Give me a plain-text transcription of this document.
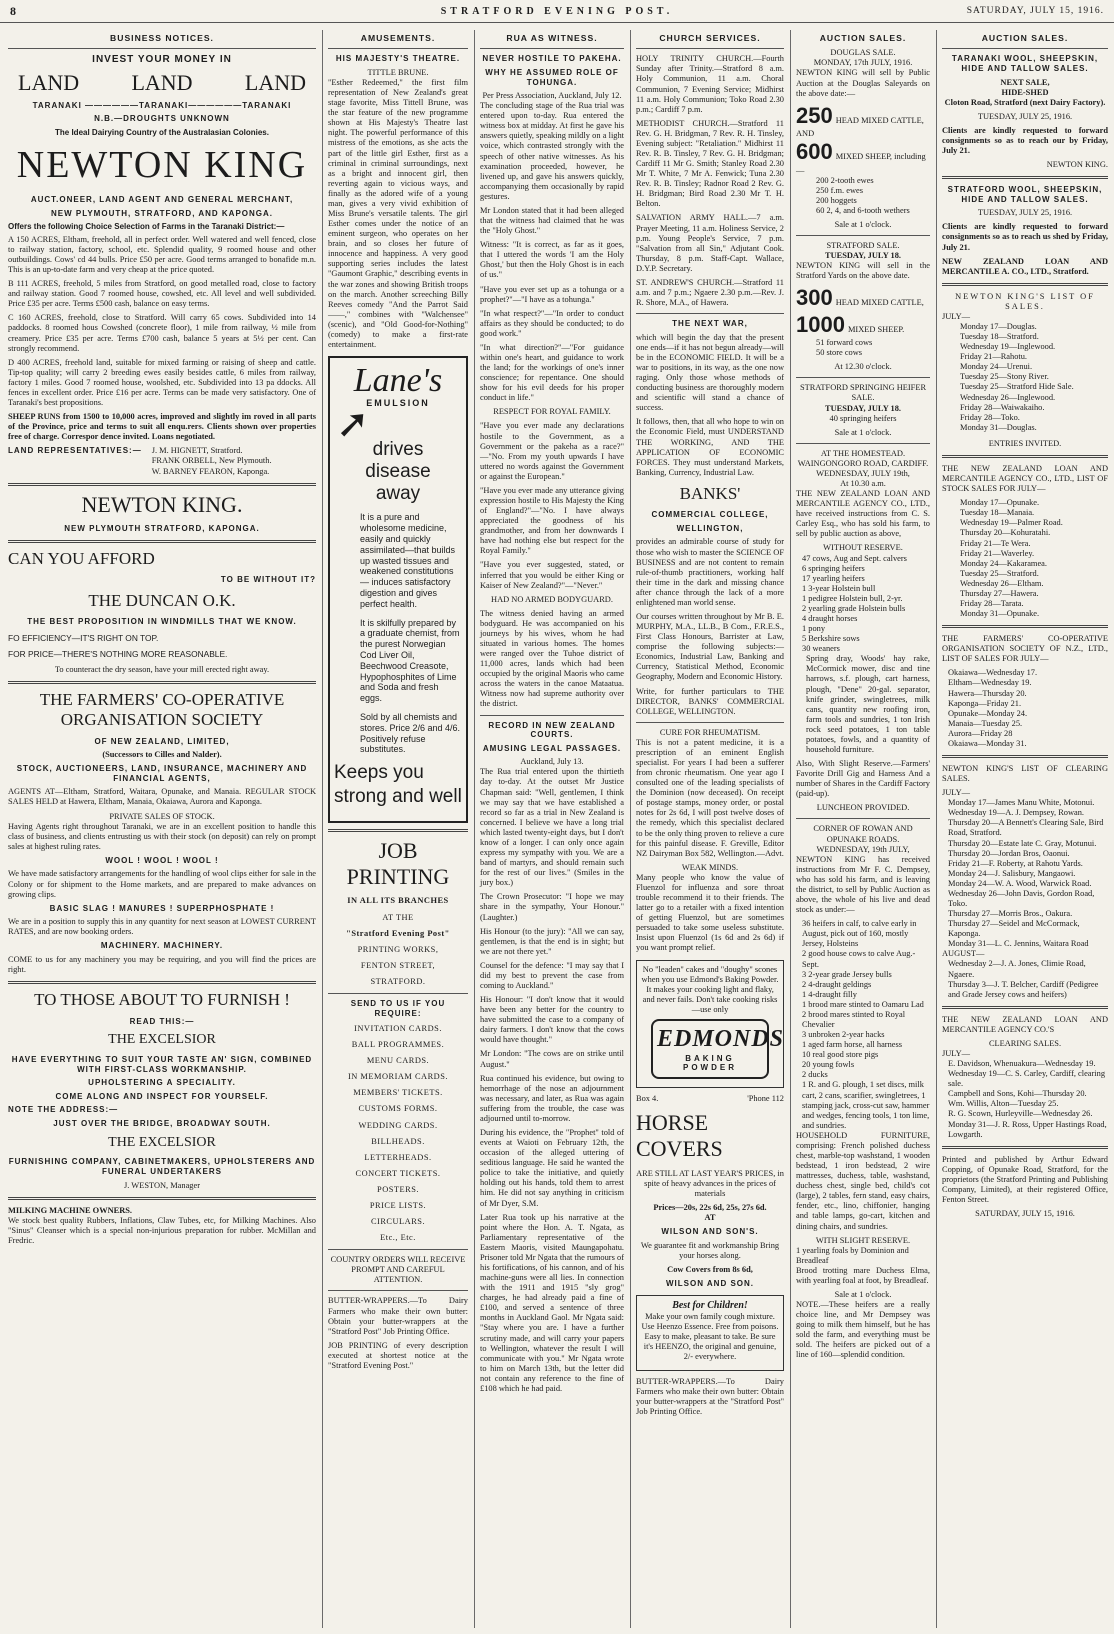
8	STRATFORD EVENING POST.	SATURDAY, JULY 15, 1916.
BUSINESS NOTICES.
INVEST YOUR MONEY IN
LAND LAND LAND
TARANAKI ——————TARANAKI——————TARANAKI
N.B.—DROUGHTS UNKNOWN
The Ideal Dairying Country of the Australasian Colonies.
NEWTON KING
AUCT.ONEER, LAND AGENT AND GENERAL MERCHANT,
NEW PLYMOUTH, STRATFORD, AND KAPONGA.
Offers the following Choice Selection of Farms in the Taranaki District:—

A 150 ACRES, Eltham, freehold, all in perfect order. Well watered and well fenced, close to railway station, factory, school, etc. Splendid quality, 9 roomed house and other outbuildings. Cows' cd 44 bulls. Price £50 per acre. Good terms arranged to bonafide m.n. This is an up-to-date farm and very cheap at the price quoted.

B 111 ACRES, freehold, 5 miles from Stratford, on good metalled road, close to factory and railway station. Good 7 roomed house, cowshed, etc. All level and well subdivided. Price £35 per acre. Terms £500 cash, balance on easy terms.

C 160 ACRES, freehold, close to Stratford. Will carry 65 cows. Subdivided into 14 paddocks. 8 roomed hous Cowshed (concrete floor), 1 mile from railway, ½ mile from creamery. Price £35 per acre. Terms £700 cash, balance 5 years at 5½ per cent. Can strongly recommend.

D 400 ACRES, freehold land, suitable for mixed farming or raising of sheep and cattle. Tip-top quality; will carry 2 breeding ewes easily besides cattle, 6 miles from railway, factory 1 miles. Good 7 roomed house, woolshed, etc. Subdivided into 13 pa ddocks. All fences in excellent order. Price £16 per acre. Terms can be made very satisfactory. One of Taranaki's best propositions.

SHEEP RUNS from 1500 to 10,000 acres, improved and slightly im roved in all parts of the Province, price and terms to suit all enqu.rers. Clients shown over properties free of charge. Correspor dence invited. Loans negotiated.

LAND REPRESENTATIVES:— J. M. HIGNETT, Stratford.
FRANK ORBELL, New Plymouth.
W. BARNEY FEARON, Kaponga.
NEWTON KING.
NEW PLYMOUTH STRATFORD, KAPONGA.
CAN YOU AFFORD
TO BE WITHOUT IT?
THE DUNCAN O.K.
THE BEST PROPOSITION IN WINDMILLS THAT WE KNOW.
FO EFFICIENCY—IT'S RIGHT ON TOP.
FOR PRICE—THERE'S NOTHING MORE REASONABLE.

To counteract the dry season, have your mill erected right away.

THE FARMERS' CO-OPERATIVE ORGANISATION SOCIETY
OF NEW ZEALAND, LIMITED,
(Successors to Cilles and Nalder).
STOCK, AUCTIONEERS, LAND, INSURANCE, MACHINERY AND FINANCIAL AGENTS,

AGENTS AT—Eltham, Stratford, Waitara, Opunake, and Manaia. REGULAR STOCK SALES HELD at Hawera, Eltham, Manaia, Okaiawa, Aurora and Kaponga.

PRIVATE SALES OF STOCK.

Having Agents right throughout Taranaki, we are in an excellent position to handle this class of business, and clients entrusting us with their stock (on deposit) can rely on prompt sales at highest ruling rates.

WOOL ! WOOL ! WOOL !

We have made satisfactory arrangements for the handling of wool clips either for sale in the Colony or for shipment to the Home markets, and are prepared to make advances on growing clips.

BASIC SLAG ! MANURES ! SUPERPHOSPHATE !

We are in a position to supply this in any quantity for next season at LOWEST CURRENT RATES, and are now booking orders.

MACHINERY. MACHINERY.

COME to us for any machinery you may be requiring, and you will find the prices are right.

TO THOSE ABOUT TO FURNISH !
READ THIS:—
THE EXCELSIOR
HAVE EVERYTHING TO SUIT YOUR TASTE AN' SIGN, COMBINED WITH FIRST-CLASS WORKMANSHIP.
UPHOLSTERING A SPECIALITY.
COME ALONG AND INSPECT FOR YOURSELF.
NOTE THE ADDRESS:—
JUST OVER THE BRIDGE, BROADWAY SOUTH.
THE EXCELSIOR
FURNISHING COMPANY, CABINETMAKERS, UPHOLSTERERS AND FUNERAL UNDERTAKERS
J. WESTON, Manager
MILKING MACHINE OWNERS.

We stock best quality Rubbers, Inflations, Claw Tubes, etc, for Milking Machines. Also "Sinus" Cleanser which is a special non-injurious preparation for rubber. McMillan and Fredric.

AMUSEMENTS.
HIS MAJESTY'S THEATRE.
TITTLE BRUNE.

"Esther Redeemed," the first film representation of New Zealand's great stage favorite, Miss Tittell Brune, was the star feature of the new programme shown at His Majesty's Theatre last night. The powerful performance of this mistress of the emotions, as she acts the part of the little girl Esther, first as a criminal in criminal surroundings, next as a bright and innocent girl, then reverting again to vicious ways, and finally as the adored wife of a young man, gives a very vivid exhibition of Miss Brune's versatile talents. The girl Esther comes under the notice of an eminent surgeon, who operates on her brain, and so closes her future of innocence and happiness. A very good supporting series includes the latest "Gaumont Graphic," describing events in the war zones and showing British troops on the march. Another screeching Billy Reeves comedy "And the Parrot Said——," combines with "Walchensee" (scenic), and "Old Good-for-Nothing" (comedy) to make a first-rate entertainment.

Lane's
EMULSION
➚
drives
disease
away
It is a pure and wholesome medicine, easily and quickly assimilated—that builds up wasted tissues and weakened constitutions — induces satisfactory digestion and gives perfect health.
It is skilfully prepared by a graduate chemist, from the purest Norwegian Cod Liver Oil, Beechwood Creasote, Hypophosphites of Lime and Soda and fresh eggs.
Sold by all chemists and stores. Price 2/6 and 4/6. Positively refuse substitutes.
Keeps you strong and well
JOB PRINTING
IN ALL ITS BRANCHES
AT THE
"Stratford Evening Post"
PRINTING WORKS,
FENTON STREET,
STRATFORD.
SEND TO US IF YOU REQUIRE:
INVITATION CARDS.
BALL PROGRAMMES.
MENU CARDS.
IN MEMORIAM CARDS.
MEMBERS' TICKETS.
CUSTOMS FORMS.
WEDDING CARDS.
BILLHEADS.
LETTERHEADS.
CONCERT TICKETS.
POSTERS.
PRICE LISTS.
CIRCULARS.
Etc., Etc.

COUNTRY ORDERS WILL RECEIVE PROMPT AND CAREFUL ATTENTION.

BUTTER-WRAPPERS.—To Dairy Farmers who make their own butter: Obtain your butter-wrappers at the "Stratford Post" Job Printing Office.

JOB PRINTING of every description executed at shortest notice at the "Stratford Evening Post."

RUA AS WITNESS.
NEVER HOSTILE TO PAKEHA.
WHY HE ASSUMED ROLE OF TOHUNGA.
Per Press Association, Auckland, July 12.

The concluding stage of the Rua trial was entered upon to-day. Rua entered the witness box at midday. At first he gave his answers quietly, speaking mildly on a light voice, which contrasted strongly with the speech of other native witnesses. As his examination proceeded, however, he livened up, and gave his answers quickly, accompanying them occasionally by rapid gestures.

Mr London stated that it had been alleged that the witness had claimed that he was the "Holy Ghost."

Witness: "It is correct, as far as it goes, that I uttered the words 'I am the Holy Ghost,' but then the Holy Ghost is in each of us."

"Have you ever set up as a tohunga or a prophet?"—"I have as a tohunga."

"In what respect?"—"In order to conduct affairs as they should be conducted; to do good work."

"In what direction?"—"For guidance within one's heart, and guidance to work the land; for the workings of one's inner conscience; for repentance. One should show for his evil deeds for his proper conduct in life."

RESPECT FOR ROYAL FAMILY.

"Have you ever made any declarations hostile to the Government, as a Government or the pakeha as a race?" —"No. From my youth upwards I have uttered no words against the Government or against the European."

"Have you ever made any utterance giving expression hostile to His Majesty the King of England?"—"No. I have always appreciated the goodness of his grandmother, and from her downwards I have had nothing else but respect for the Royal Family."

"Have you ever suggested, stated, or inferred that you would be either King or Kaiser of New Zealand?"—"Never."

HAD NO ARMED BODYGUARD.

The witness denied having an armed bodyguard. He was accompanied on his journeys by his wives, whom he had situated in various homes. The homes were ranged over the Tuhoe district of 11,000 acres, lands which had been occupied by the original Maoris who came across the waters in the canoe Mataatua. Witness now had supreme authority over the district.

RECORD IN NEW ZEALAND COURTS.
AMUSING LEGAL PASSAGES.
Auckland, July 13.

The Rua trial entered upon the thirtieth day to-day. At the outset Mr Justice Chapman said: "Well, gentlemen, I think we may say that we have established a record so far as a trial in New Zealand is concerned. I believe we have a long trial which lasted twenty-eight days, but I don't know of a longer. I can only once again express my sympathy with you. We are a band of martyrs, and should remain such for the rest of our lives." (Smiles in the jury box.)

The Crown Prosecutor: "I hope we may share in the sympathy, Your Honour." (Laughter.)

His Honour (to the jury): "All we can say, gentlemen, is that the end is in sight; but we are not there yet."

Counsel for the defence: "I may say that I did my best to prevent the case from coming to Auckland."

His Honour: "I don't know that it would have been any better for the country to have submitted the case to a company of dairy farmers. I don't know that the cows would have thought."

Mr London: "The cows are on strike until August."

Rua continued his evidence, but owing to hemorrhage of the nose an adjournment was necessary, and later, as Rua was again suffering from the trouble, the case was adjourned until to-morrow.

During his evidence, the "Prophet" told of events at Waioti on February 12th, the occasion of the alleged uttering of seditious language. He said he wanted the police to take the initiative, and quietly holding out his hands, told them to arrest him. He did not say anything in criticism of Mr Dyer, S.M.

Later Rua took up his narrative at the point where the Hon. A. T. Ngata, as Parliamentary representative of the Eastern Maoris, visited Maungapohatu. Prisoner told Mr Ngata that the rumours of his fortifications, of his cannon, and of his machine-guns were all lies. In connection with the 1911 and 1915 "sly grog" charges, he had already paid a fine of £100, and served a sentence of three months in Auckland Gaol. Mr Ngata said: "Stay where you are. I have a further scrutiny made, and will carry your papers to Wellington, whatever the result I will communicate with you." Mr Ngata wrote to him on March 13th, but the letter did not contain any reference to the fine of £108 which he had paid.

CHURCH SERVICES.

HOLY TRINITY CHURCH.—Fourth Sunday after Trinity.—Stratford 8 a.m. Holy Communion, 11 a.m. Choral Communion, 7 Evening Service; Midhirst 11 a.m. Holy Communion; Toko Road 2.30 p.m.; Cardiff 7 p.m.

METHODIST CHURCH.—Stratford 11 Rev. G. H. Bridgman, 7 Rev. R. H. Tinsley, Evening subject: "Retaliation." Midhirst 11 Rev. R. B. Tinsley, 7 Rev. G. H. Bridgman; Cardiff 11 Mr G. Smith; Stanley Road 2.30 Mr T. White, 7 Mr A. Fenwick; Tuna 2.30 Rev. R. B. Tinsley; Radnor Road 2 Rev. G. H. Bridgman; Bird Road 2.30 Mr T. H. Belton.

SALVATION ARMY HALL.—7 a.m. Prayer Meeting, 11 a.m. Holiness Service, 2 p.m. Young People's Service, 7 p.m. "Salvation from all Sin," Adjutant Cook. Thursday, 8 p.m. Staff-Capt. Wallace, D.Y.P. Secretary.

ST. ANDREW'S CHURCH.—Stratford 11 a.m. and 7 p.m.; Ngaere 2.30 p.m.—Rev. J. R. Shore, M.A., of Hawera.

THE NEXT WAR,

which will begin the day that the present one ends—if it has not begun already—will be in the ECONOMIC FIELD. It will be a war to positions, in its way, as the one now raging. Only those whose methods of conducting business are thoroughly modern and scientific will stand a chance of success.

It follows, then, that all who hope to win on the Economic Field, must UNDERSTAND THE WORKING, AND THE APPLICATION OF ECONOMIC FORCES. They must understand Markets, Banking, Currency, Industrial Law.

BANKS'
COMMERCIAL COLLEGE,
WELLINGTON,

provides an admirable course of study for those who wish to master the SCIENCE OF BUSINESS and are not content to remain rule-of-thumb practitioners, working half their time in the dark and missing chance after chance through the lack of a more enlightened man world sense.

Our courses written throughout by Mr B. E. MURPHY, M.A., LL.B., B Com., F.R.E.S., First Class Honours, Barrister at Law, comprise the following subjects:—Economics, Industrial Law, Banking and Currency, Statistical Method, Economic Geography, Modern and Economic History.

Write, for further particulars to THE DIRECTOR, BANKS' COMMERCIAL COLLEGE, WELLINGTON.

CURE FOR RHEUMATISM.

This is not a patent medicine, it is a prescription of an eminent English specialist. For years I had been a sufferer from chronic rheumatism. One year ago I consulted one of the leading specialists of the Dominion (now deceased). On receipt of postage stamps, money order, or postal notes for 2s 6d, I will post twelve doses of the remedy, which this specialist declared to be the only thing proven to relieve a cure for this painful disease. F. Greville, Editor NZ Dairyman Box 582, Wellington.—Advt.

WEAK MINDS.

Many people who know the value of Fluenzol for influenza and sore throat trouble recommend it to their friends. The latter go to a retailer with a fixed intention of getting Fluenzol, but are sometimes persuaded to take some useless substitute. Insist upon Fluenzol (1s 6d and 2s 6d) if you want prompt relief.

No "leaden" cakes and "doughy" scones when you use Edmond's Baking Powder. It makes your cooking light and flaky, and never fails. Don't take cooking risks—use only

EDMONDS
BAKING POWDER
Box 4.	'Phone 112
HORSE COVERS

ARE STILL AT LAST YEAR'S PRICES, in spite of heavy advances in the prices of materials

Prices—20s, 22s 6d, 25s, 27s 6d.
AT
WILSON AND SON'S.

We guarantee fit and workmanship Bring your horses along.

Cow Covers from 8s 6d,
WILSON AND SON.
Best for Children!

Make your own family cough mixture. Use Heenzo Essence. Free from poisons. Easy to make, pleasant to take. Be sure it's HEENZO, the original and genuine, 2/- everywhere.

BUTTER-WRAPPERS.—To Dairy Farmers who make their own butter: Obtain your butter-wrappers at the "Stratford Post" Job Printing Office.

AUCTION SALES.
DOUGLAS SALE.
MONDAY, 17th JULY, 1916.

NEWTON KING will sell by Public Auction at the Douglas Saleyards on the above date:—

250 HEAD MIXED CATTLE, AND
600 MIXED SHEEP, including—
200 2-tooth ewes
250 f.m. ewes
200 hoggets
60 2, 4, and 6-tooth wethers
Sale at 1 o'clock.
STRATFORD SALE.
TUESDAY, JULY 18.

NEWTON KING will sell in the Stratford Yards on the above date.

300 HEAD MIXED CATTLE,
1000 MIXED SHEEP.
51 forward cows
50 store cows
At 12.30 o'clock.
STRATFORD SPRINGING HEIFER SALE.
TUESDAY, JULY 18.
40 springing heifers
Sale at 1 o'clock.
AT THE HOMESTEAD.
WAINGONGORO ROAD, CARDIFF.
WEDNESDAY, JULY 19th,
At 10.30 a.m.

THE NEW ZEALAND LOAN AND MERCANTILE AGENCY CO., LTD., have received instructions from C. S. Carley Esq., who has sold his farm, to sell by public auction as above,

WITHOUT RESERVE.
47 cows, Aug and Sept. calvers
6 springing heifers
17 yearling heifers
1 3-year Holstein bull
1 pedigree Holstein bull, 2-yr.
2 yearling grade Holstein bulls
4 draught horses
1 pony
5 Berkshire sows
30 weaners

Spring dray, Woods' hay rake, McCormick mower, disc and tine harrows, s.f. plough, cart harness, plough, "Dene" 20-gal. separator, knife grinder, swingletrees, milk cans, quantity new roofing iron, farm tools and sundries, 1 ton Irish rock seed potatoes, 1 ton table potatoes, fowls, and a quantity of household furniture.

Also, With Slight Reserve.—Farmers' Favorite Drill Gig and Harness And a number of Shares in the Cardiff Factory (paid-up).

LUNCHEON PROVIDED.
CORNER OF ROWAN AND OPUNAKE ROADS.
WEDNESDAY, 19th JULY,

NEWTON KING has received instructions from Mr F. C. Dempsey, who has sold his farm, and is leaving the district, to sell by Public Auction as above, the whole of his live and dead stock as under:—

36 heifers in calf, to calve early in August, pick out of 160, mostly Jersey, Holsteins
2 good house cows to calve Aug.-Sept.
3 2-year grade Jersey bulls
2 4-draught geldings
1 4-draught filly
1 brood mare stinted to Oamaru Lad
2 brood mares stinted to Royal Chevalier
3 unbroken 2-year hacks
1 aged farm horse, all harness
10 real good store pigs
20 young fowls
2 ducks
1 R. and G. plough, 1 set discs, milk cart, 2 cans, scarifier, swingletrees, 1 stamping jack, cross-cut saw, hammer and wedges, fencing tools, 1 ton lime, and sundries.

HOUSEHOLD FURNITURE, comprising: French polished duchess chest, marble-top washstand, 1 wooden bedstead, 1 iron bedstead, 2 wire mattresses, duchess, table, washstand, duchess chest, single bed, child's cot (large), 2 tables, fern stand, easy chairs, fender, etc., lino, chiffonier, hanging and table lamps, go-cart, kitchen and dining chairs, and sundries.

WITH SLIGHT RESERVE.
1 yearling foals by Dominion and Breadleaf

Brood trotting mare Duchess Elma, with yearling foal at foot, by Breadleaf.

Sale at 1 o'clock.

NOTE.—These heifers are a really choice line, and Mr Dempsey was going to milk them himself, but he has sold the farm, and everything must be sold. The heifers are picked out of a line of 160—splendid condition.

AUCTION SALES.
TARANAKI WOOL, SHEEPSKIN, HIDE AND TALLOW SALES.
NEXT SALE,
HIDE-SHED
Cloton Road, Stratford (next Dairy Factory).
TUESDAY, JULY 25, 1916.

Clients are kindly requested to forward consignments so as to reach our by Friday, July 21.

NEWTON KING.
STRATFORD WOOL, SHEEPSKIN, HIDE AND TALLOW SALES.
TUESDAY, JULY 25, 1916.

Clients are kindly requested to forward consignments so as to reach us shed by Friday, July 21.

NEW ZEALAND LOAN AND MERCANTILE A. CO., LTD., Stratford.

NEWTON KING'S LIST OF SALES.
JULY—
Monday 17—Douglas.
Tuesday 18—Stratford.
Wednesday 19—Inglewood.
Friday 21—Rahotu.
Monday 24—Urenui.
Tuesday 25—Stony River.
Tuesday 25—Stratford Hide Sale.
Wednesday 26—Inglewood.
Friday 28—Waiwakaiho.
Friday 28—Toko.
Monday 31—Douglas.
ENTRIES INVITED.

THE NEW ZEALAND LOAN AND MERCANTILE AGENCY CO., LTD., LIST OF STOCK SALES FOR JULY—

Monday 17—Opunake.
Tuesday 18—Manaia.
Wednesday 19—Palmer Road.
Thursday 20—Kohuratahi.
Friday 21—Te Wera.
Friday 21—Waverley.
Monday 24—Kakaramea.
Tuesday 25—Stratford.
Wednesday 26—Eltham.
Thursday 27—Hawera.
Friday 28—Tarata.
Monday 31—Opunake.

THE FARMERS' CO-OPERATIVE ORGANISATION SOCIETY OF N.Z., LTD., LIST OF SALES FOR JULY—

Okaiawa—Wednesday 17.
Eltham—Wednesday 19.
Hawera—Thursday 20.
Kaponga—Friday 21.
Opunake—Monday 24.
Manaia—Tuesday 25.
Aurora—Friday 28
Okaiawa—Monday 31.

NEWTON KING'S LIST OF CLEARING SALES.

JULY—
Monday 17—James Manu White, Motonui.
Wednesday 19—A. J. Dempsey, Rowan.
Thursday 20—A Bennett's Clearing Sale, Bird Road, Stratford.
Thursday 20—Estate late C. Gray, Motunui.
Thursday 20—Jordan Bros, Oaonui.
Friday 21—F. Roberty, at Rahotu Yards.
Monday 24—J. Salisbury, Mangaowi.
Monday 24—W. A. Wood, Warwick Road.
Wednesday 26—John Davis, Gordon Road, Toko.
Thursday 27—Morris Bros., Oakura.
Thursday 27—Seidel and McCormack, Kaponga.
Monday 31—L. C. Jennins, Waitara Road
AUGUST—
Wednesday 2—J. A. Jones, Climie Road, Ngaere.
Thursday 3—J. T. Belcher, Cardiff (Pedigree and Grade Jersey cows and heifers)

THE NEW ZEALAND LOAN AND MERCANTILE AGENCY CO.'S

CLEARING SALES.
JULY—
E. Davidson, Whenuakura—Wednesday 19.
Wednesday 19—C. S. Carley, Cardiff, clearing sale.
Campbell and Sons, Kohi—Thursday 20.
Wm. Willis, Alton—Tuesday 25.
R. G. Scown, Hurleyville—Wednesday 26.
Monday 31—J. R. Ross, Upper Hastings Road, Lowgarth.

Printed and published by Arthur Edward Copping, of Opunake Road, Stratford, for the proprietors (the Stratford Printing and Publishing Company, Limited), at their registered Office, Fenton Street.

SATURDAY, JULY 15, 1916.
